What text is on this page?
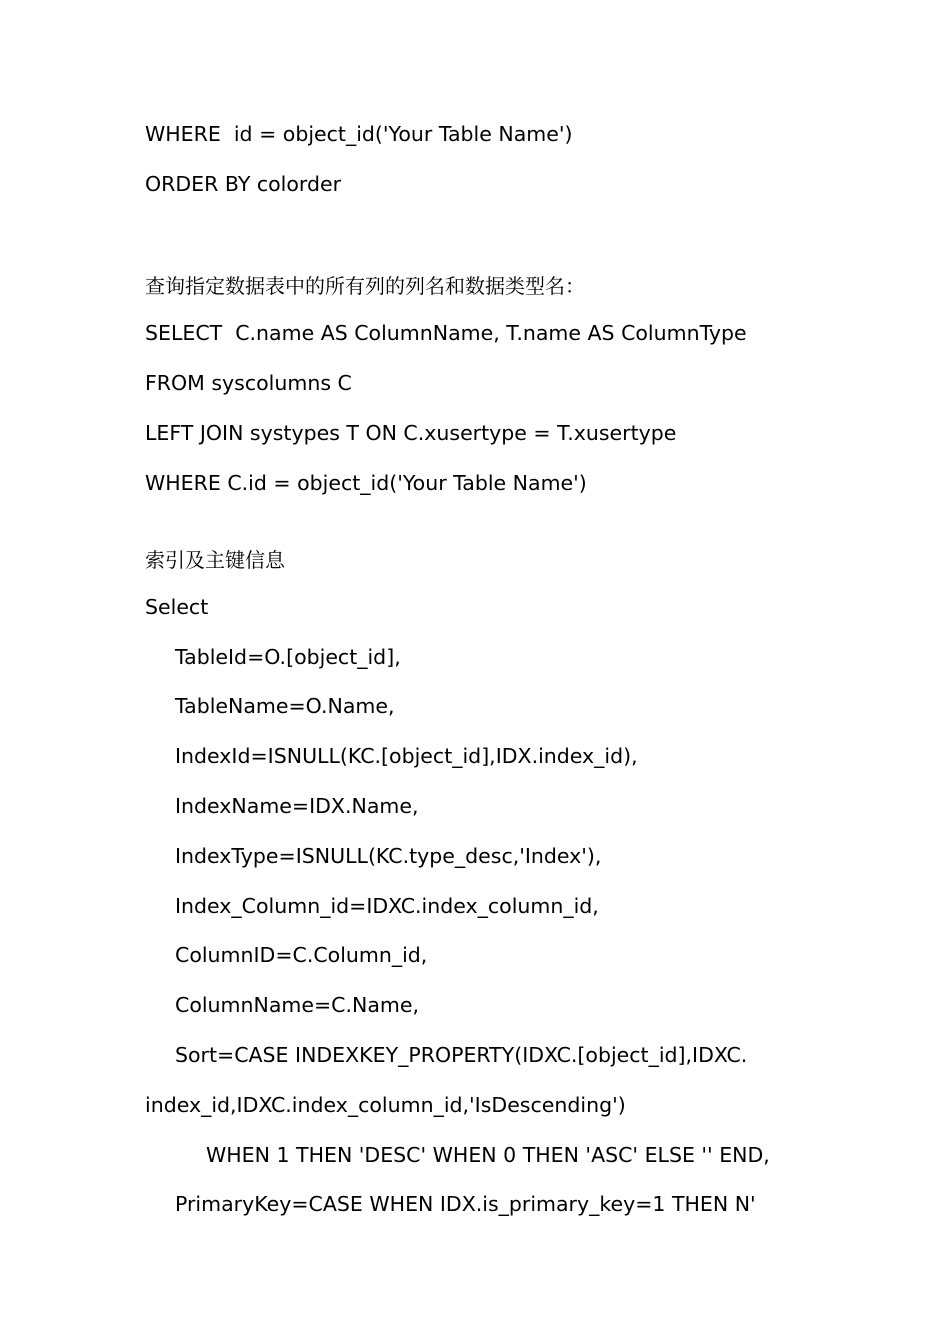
WHERE  id = object_id('Your Table Name')
ORDER BY colorder
查询指定数据表中的所有列的列名和数据类型名：
SELECT  C.name AS ColumnName, T.name AS ColumnType
FROM syscolumns C
LEFT JOIN systypes T ON C.xusertype = T.xusertype
WHERE C.id = object_id('Your Table Name')
索引及主键信息
Select
TableId=O.[object_id],
TableName=O.Name,
IndexId=ISNULL(KC.[object_id],IDX.index_id),
IndexName=IDX.Name,
IndexType=ISNULL(KC.type_desc,'Index'),
Index_Column_id=IDXC.index_column_id,
ColumnID=C.Column_id,
ColumnName=C.Name,
Sort=CASE INDEXKEY_PROPERTY(IDXC.[object_id],IDXC.
index_id,IDXC.index_column_id,'IsDescending')
WHEN 1 THEN 'DESC' WHEN 0 THEN 'ASC' ELSE '' END,
PrimaryKey=CASE WHEN IDX.is_primary_key=1 THEN N'
